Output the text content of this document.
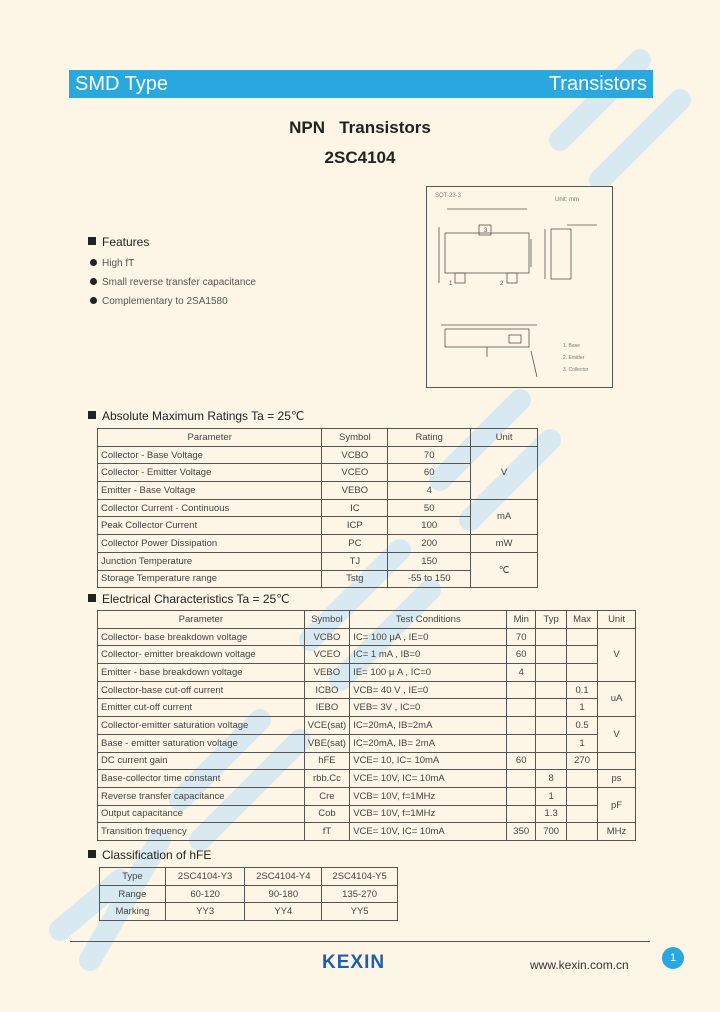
SMD Type	Transistors
NPN   Transistors
2SC4104
Features
High fT
Small reverse transfer capacitance
Complementary to 2SA1580
SOT-23-3
Unit: mm
3
1	2
1. Base
2. Emitter
3. Collector
Absolute Maximum Ratings Ta = 25℃
Parameter	Symbol	Rating	Unit
Collector - Base Voltage	VCBO	70	V
Collector - Emitter Voltage	VCEO	60	
Emitter - Base Voltage	VEBO	4	
Collector Current - Continuous	IC	50	mA
Peak Collector Current	ICP	100	
Collector Power Dissipation	PC	200	mW
Junction Temperature	TJ	150	℃
Storage Temperature range	Tstg	-55 to 150	
Electrical Characteristics Ta = 25℃
Parameter	Symbol	Test Conditions	Min	Typ	Max	Unit
Collector- base breakdown voltage	VCBO	IC= 100 μA , IE=0	70			V
Collector- emitter breakdown voltage	VCEO	IC= 1 mA , IB=0	60			
Emitter - base breakdown voltage	VEBO	IE= 100 μ A , IC=0	4			
Collector-base cut-off current	ICBO	VCB= 40 V , IE=0			0.1	uA
Emitter cut-off current	IEBO	VEB= 3V , IC=0			1	
Collector-emitter saturation voltage	VCE(sat)	IC=20mA, IB=2mA			0.5	V
Base - emitter saturation voltage	VBE(sat)	IC=20mA, IB= 2mA			1	
DC current gain	hFE	VCE= 10, IC= 10mA	60		270	
Base-collector time constant	rbb.Cc	VCE= 10V, IC= 10mA		8		ps
Reverse transfer capacitance	Cre	VCB= 10V, f=1MHz		1		pF
Output capacitance	Cob	VCB= 10V, f=1MHz		1.3		
Transition frequency	fT	VCE= 10V, IC= 10mA	350	700		MHz
Classification of hFE
Type	2SC4104-Y3	2SC4104-Y4	2SC4104-Y5
Range	60-120	90-180	135-270
Marking	YY3	YY4	YY5
KEXIN	www.kexin.com.cn	1
